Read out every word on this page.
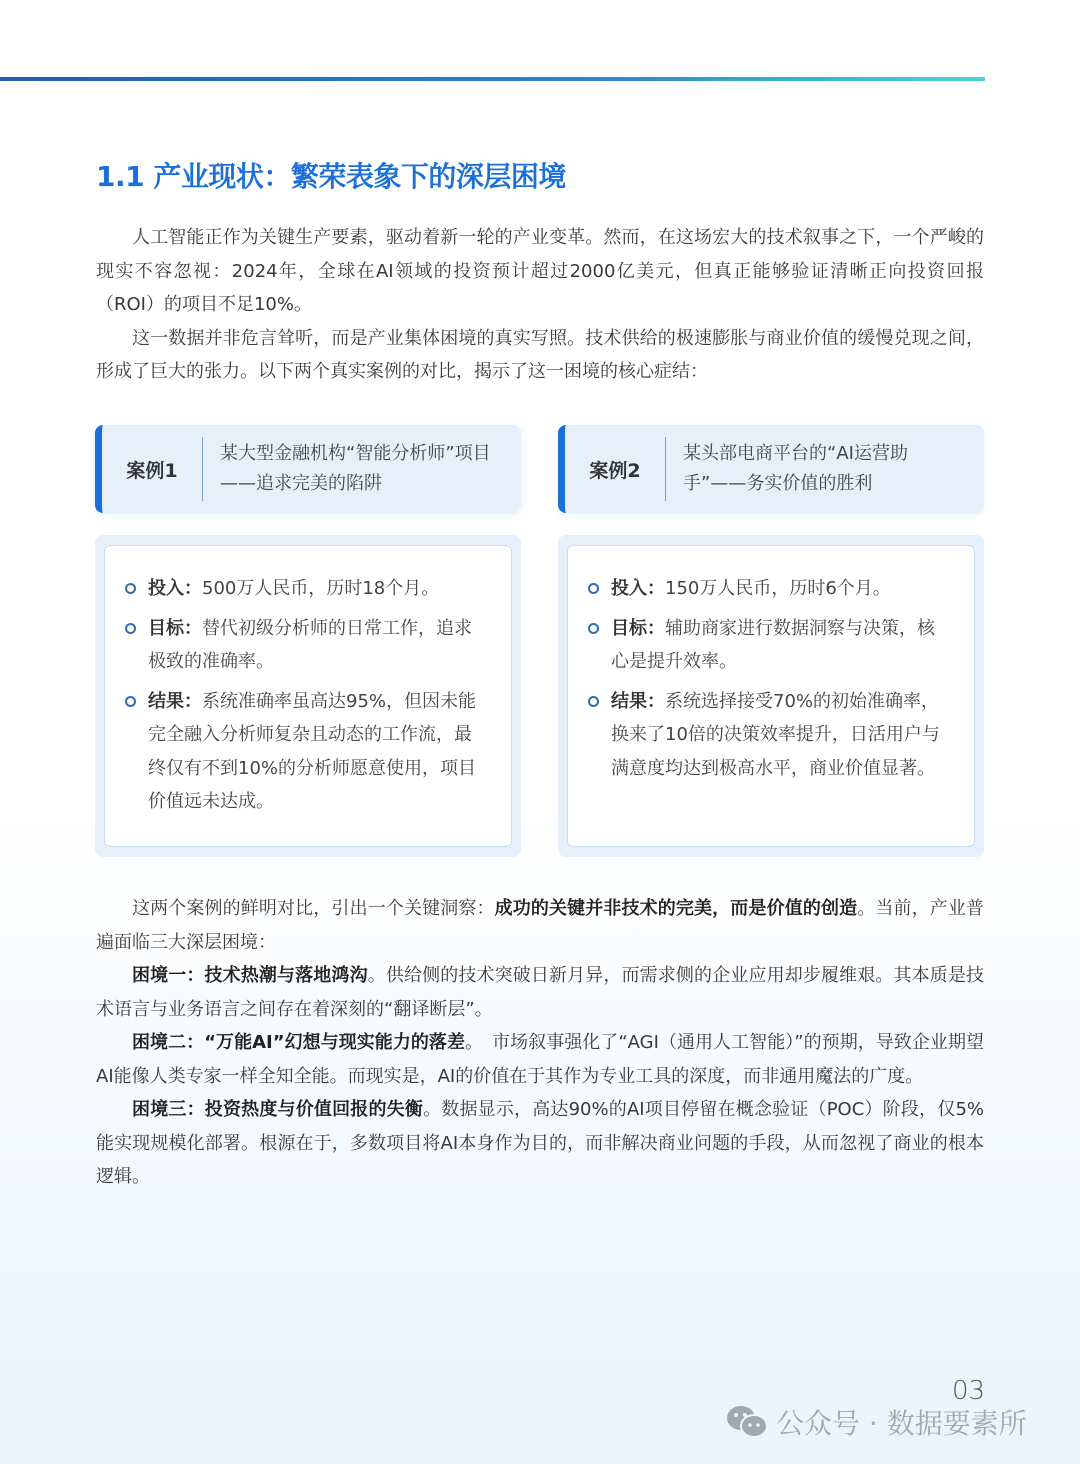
1.1 产业现状：繁荣表象下的深层困境

人工智能正作为关键生产要素，驱动着新一轮的产业变革。然而，在这场宏大的技术叙事之下，一个严峻的现实不容忽视：2024年，全球在AI领域的投资预计超过2000亿美元，但真正能够验证清晰正向投资回报（ROI）的项目不足10%。

这一数据并非危言耸听，而是产业集体困境的真实写照。技术供给的极速膨胀与商业价值的缓慢兑现之间，形成了巨大的张力。以下两个真实案例的对比，揭示了这一困境的核心症结：

案例1
某大型金融机构“智能分析师”项目——追求完美的陷阱
案例2
某头部电商平台的“AI运营助手”——务实价值的胜利
投入：500万人民币，历时18个月。
目标：替代初级分析师的日常工作，追求极致的准确率。
结果：系统准确率虽高达95%，但因未能完全融入分析师复杂且动态的工作流，最终仅有不到10%的分析师愿意使用，项目价值远未达成。
投入：150万人民币，历时6个月。
目标：辅助商家进行数据洞察与决策，核心是提升效率。
结果：系统选择接受70%的初始准确率，换来了10倍的决策效率提升，日活用户与满意度均达到极高水平，商业价值显著。

这两个案例的鲜明对比，引出一个关键洞察：成功的关键并非技术的完美，而是价值的创造。当前，产业普遍面临三大深层困境：

困境一：技术热潮与落地鸿沟。供给侧的技术突破日新月异，而需求侧的企业应用却步履维艰。其本质是技术语言与业务语言之间存在着深刻的“翻译断层”。

困境二：“万能AI”幻想与现实能力的落差。　市场叙事强化了“AGI（通用人工智能）”的预期，导致企业期望AI能像人类专家一样全知全能。而现实是，AI的价值在于其作为专业工具的深度，而非通用魔法的广度。

困境三：投资热度与价值回报的失衡。数据显示，高达90%的AI项目停留在概念验证（POC）阶段，仅5%能实现规模化部署。根源在于，多数项目将AI本身作为目的，而非解决商业问题的手段，从而忽视了商业的根本逻辑。

03
公众号 · 数据要素所
